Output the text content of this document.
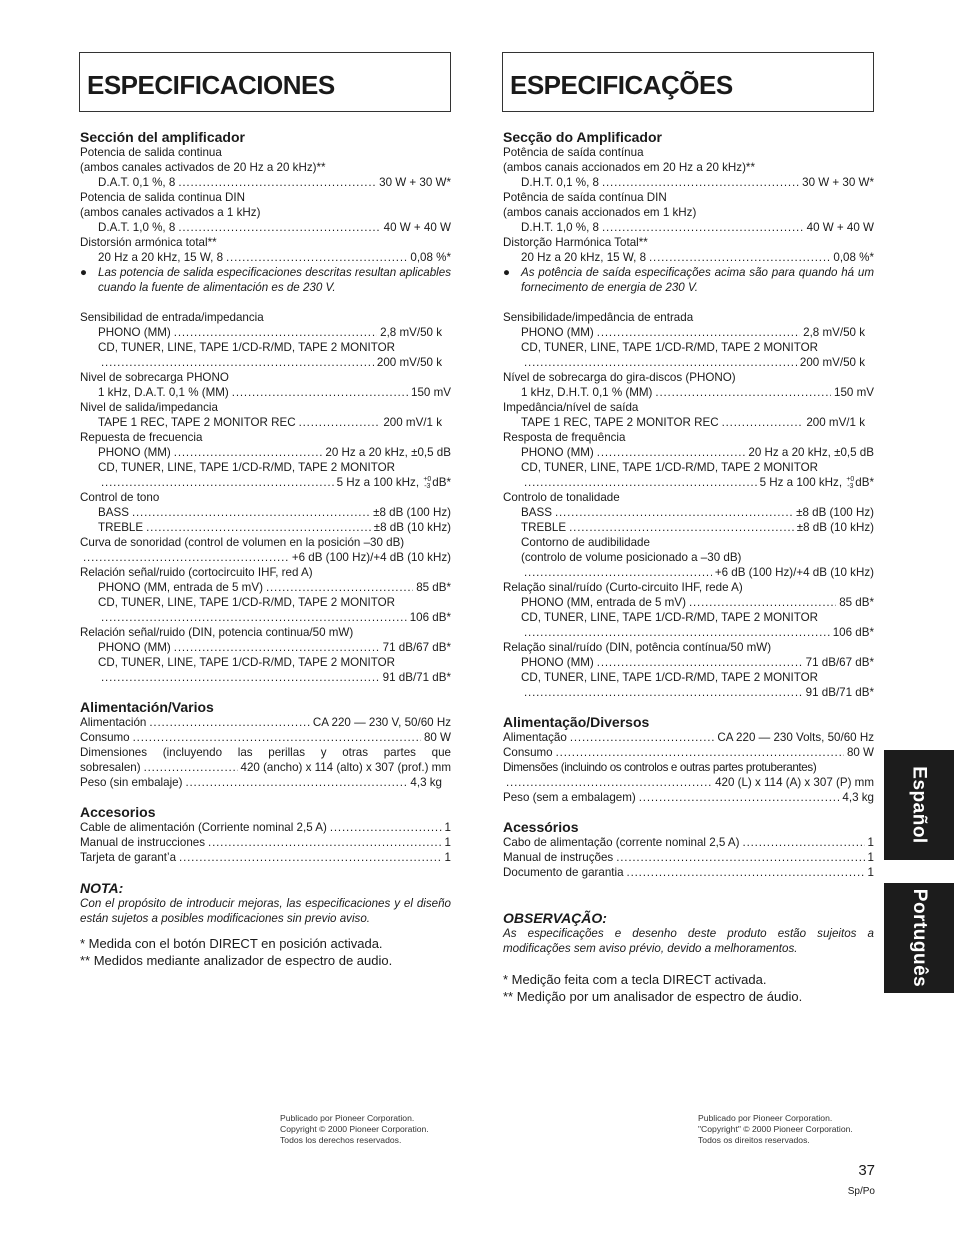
ESPECIFICACIONES
Sección del amplificador
Potencia de salida continua
(ambos canales activados de 20 Hz a 20 kHz)**
D.A.T. 0,1 %, 8 . . .	30 W + 30 W*
Potencia de salida continua DIN
(ambos canales activados a 1 kHz)
D.A.T. 1,0 %, 8 . . .	40 W + 40 W
Distorsión armónica total**
20 Hz a 20 kHz, 15 W, 8 . . .	0,08 %*
● Las potencia de salida especificaciones descritas resultan aplicables cuando la fuente de alimentación es de 230 V.
Sensibilidad de entrada/impedancia
PHONO (MM) . . .	2,8 mV/50 k
CD, TUNER, LINE, TAPE 1/CD-R/MD, TAPE 2 MONITOR
. . .
200 mV/50 k
Nivel de sobrecarga PHONO
1 kHz, D.A.T. 0,1 % (MM) . . .	150 mV
Nivel de salida/impedancia
TAPE 1 REC, TAPE 2 MONITOR REC . . .	200 mV/1 k
Repuesta de frecuencia
PHONO (MM) . . .	20 Hz a 20 kHz, ±0,5 dB
CD, TUNER, LINE, TAPE 1/CD-R/MD, TAPE 2 MONITOR
. . .
5 Hz a 100 kHz, +0
-3 dB*
Control de tono
BASS . . .	±8 dB (100 Hz)
TREBLE . . .	±8 dB (10 kHz)
Curva de sonoridad (control de volumen en la posición –30 dB)
. . .
+6 dB (100 Hz)/+4 dB (10 kHz)
Relación señal/ruido (cortocircuito IHF, red A)
PHONO (MM, entrada de 5 mV) . . .	85 dB*
CD, TUNER, LINE, TAPE 1/CD-R/MD, TAPE 2 MONITOR
. . .
106 dB*
Relación señal/ruido (DIN, potencia continua/50 mW)
PHONO (MM) . . .	71 dB/67 dB*
CD, TUNER, LINE, TAPE 1/CD-R/MD, TAPE 2 MONITOR
. . .
91 dB/71 dB*
Alimentación/Varios
Alimentación . . .	CA 220 — 230 V, 50/60 Hz
Consumo . . .	80 W
Dimensiones (incluyendo las perillas y otras partes que
sobresalen) . . .	420 (ancho) x 114 (alto) x 307 (prof.) mm
Peso (sin embalaje) . . .	4,3 kg
Accesorios
Cable de alimentación (Corriente nominal 2,5 A) . . .	1
Manual de instrucciones . . .	1
Tarjeta de garant’a . . .	1
NOTA:
Con el propósito de introducir mejoras, las especificaciones y el diseño están sujetos a posibles modificaciones sin previo aviso.
* Medida con el botón DIRECT en posición activada.
** Medidos mediante analizador de espectro de audio.
ESPECIFICAÇÕES
Secção do Amplificador
Potência de saída contínua
(ambos canais accionados em 20 Hz a 20 kHz)**
D.H.T. 0,1 %, 8 . . .	30 W + 30 W*
Potência de saída contínua DIN
(ambos canais accionados em 1 kHz)
D.H.T. 1,0 %, 8 . . .	40 W + 40 W
Distorção Harmónica Total**
20 Hz a 20 kHz, 15 W, 8 . . .	0,08 %*
● As potência de saída especificações acima são para quando há um fornecimento de energia de 230 V.
Sensibilidade/impedância de entrada
PHONO (MM) . . .	2,8 mV/50 k
CD, TUNER, LINE, TAPE 1/CD-R/MD, TAPE 2 MONITOR
. . .
200 mV/50 k
Nível de sobrecarga do gira-discos (PHONO)
1 kHz, D.H.T. 0,1 % (MM) . . .	150 mV
Impedância/nível de saída
TAPE 1 REC, TAPE 2 MONITOR REC . . .	200 mV/1 k
Resposta de frequência
PHONO (MM) . . .	20 Hz a 20 kHz, ±0,5 dB
CD, TUNER, LINE, TAPE 1/CD-R/MD, TAPE 2 MONITOR
. . .
5 Hz a 100 kHz, +0
-3 dB*
Controlo de tonalidade
BASS . . .	±8 dB (100 Hz)
TREBLE . . .	±8 dB (10 kHz)
Contorno de audibilidade
(controlo de volume posicionado a –30 dB)
. . .
+6 dB (100 Hz)/+4 dB (10 kHz)
Relação sinal/ruído (Curto-circuito IHF, rede A)
PHONO (MM, entrada de 5 mV) . . .	85 dB*
CD, TUNER, LINE, TAPE 1/CD-R/MD, TAPE 2 MONITOR
. . .
106 dB*
Relação sinal/ruído (DIN, potência contínua/50 mW)
PHONO (MM) . . .	71 dB/67 dB*
CD, TUNER, LINE, TAPE 1/CD-R/MD, TAPE 2 MONITOR
. . .
91 dB/71 dB*
Alimentação/Diversos
Alimentação . . .	CA 220 — 230 Volts, 50/60 Hz
Consumo . . .	80 W
Dimensões (incluindo os controlos e outras partes protuberantes)
. . .
420 (L) x 114 (A) x 307 (P) mm
Peso (sem a embalagem) . . .	4,3 kg
Acessórios
Cabo de alimentação (corrente nominal 2,5 A) . . .	1
Manual de instruções . . .	1
Documento de garantia . . .	1
OBSERVAÇÃO:
As especificações e desenho deste produto estão sujeitos a modificações sem aviso prévio, devido a melhoramentos.
* Medição feita com a tecla DIRECT activada.
** Medição por um analisador de espectro de áudio.
Español
Português
Publicado por Pioneer Corporation.
Copyright © 2000 Pioneer Corporation.
Todos los derechos reservados.
Publicado por Pioneer Corporation.
"Copyright" © 2000 Pioneer Corporation.
Todos os direitos reservados.
37
Sp/Po
